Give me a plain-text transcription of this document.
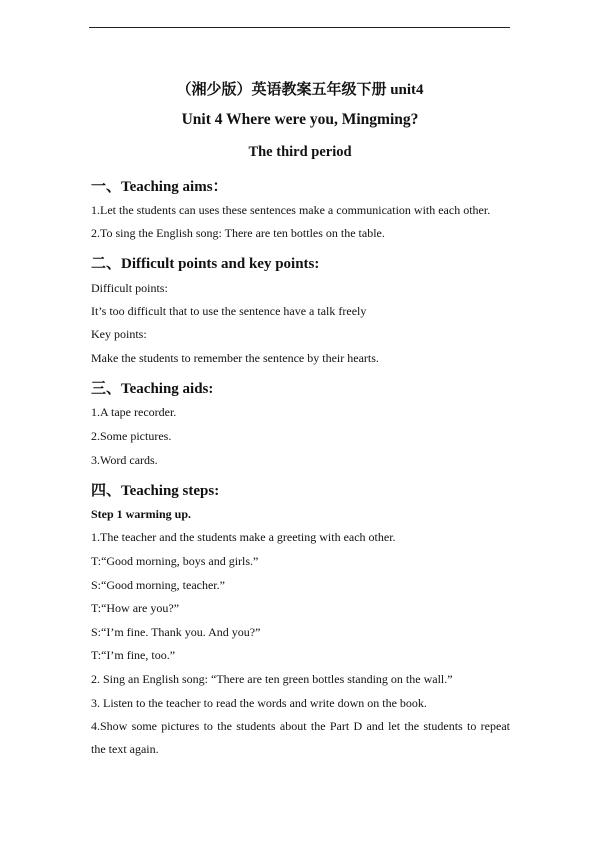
（湘少版）英语教案五年级下册 unit4
Unit 4 Where were you, Mingming?
The third period
一、Teaching aims：

1.Let the students can uses these sentences make a communication with each other.

2.To sing the English song: There are ten bottles on the table.

二、Difficult points and key points:

Difficult points:

It’s too difficult that to use the sentence have a talk freely

Key points:

Make the students to remember the sentence by their hearts.

三、Teaching aids:

1.A tape recorder.

2.Some pictures.

3.Word cards.

四、Teaching steps:

Step 1 warming up.

1.The teacher and the students make a greeting with each other.

T:“Good morning, boys and girls.”

S:“Good morning, teacher.”

T:“How are you?”

S:“I’m fine. Thank you. And you?”

T:“I’m fine, too.”

2. Sing an English song: “There are ten green bottles standing on the wall.”

3. Listen to the teacher to read the words and write down on the book.

4.Show some pictures to the students about the Part D and let the students to repeat

the text again.
